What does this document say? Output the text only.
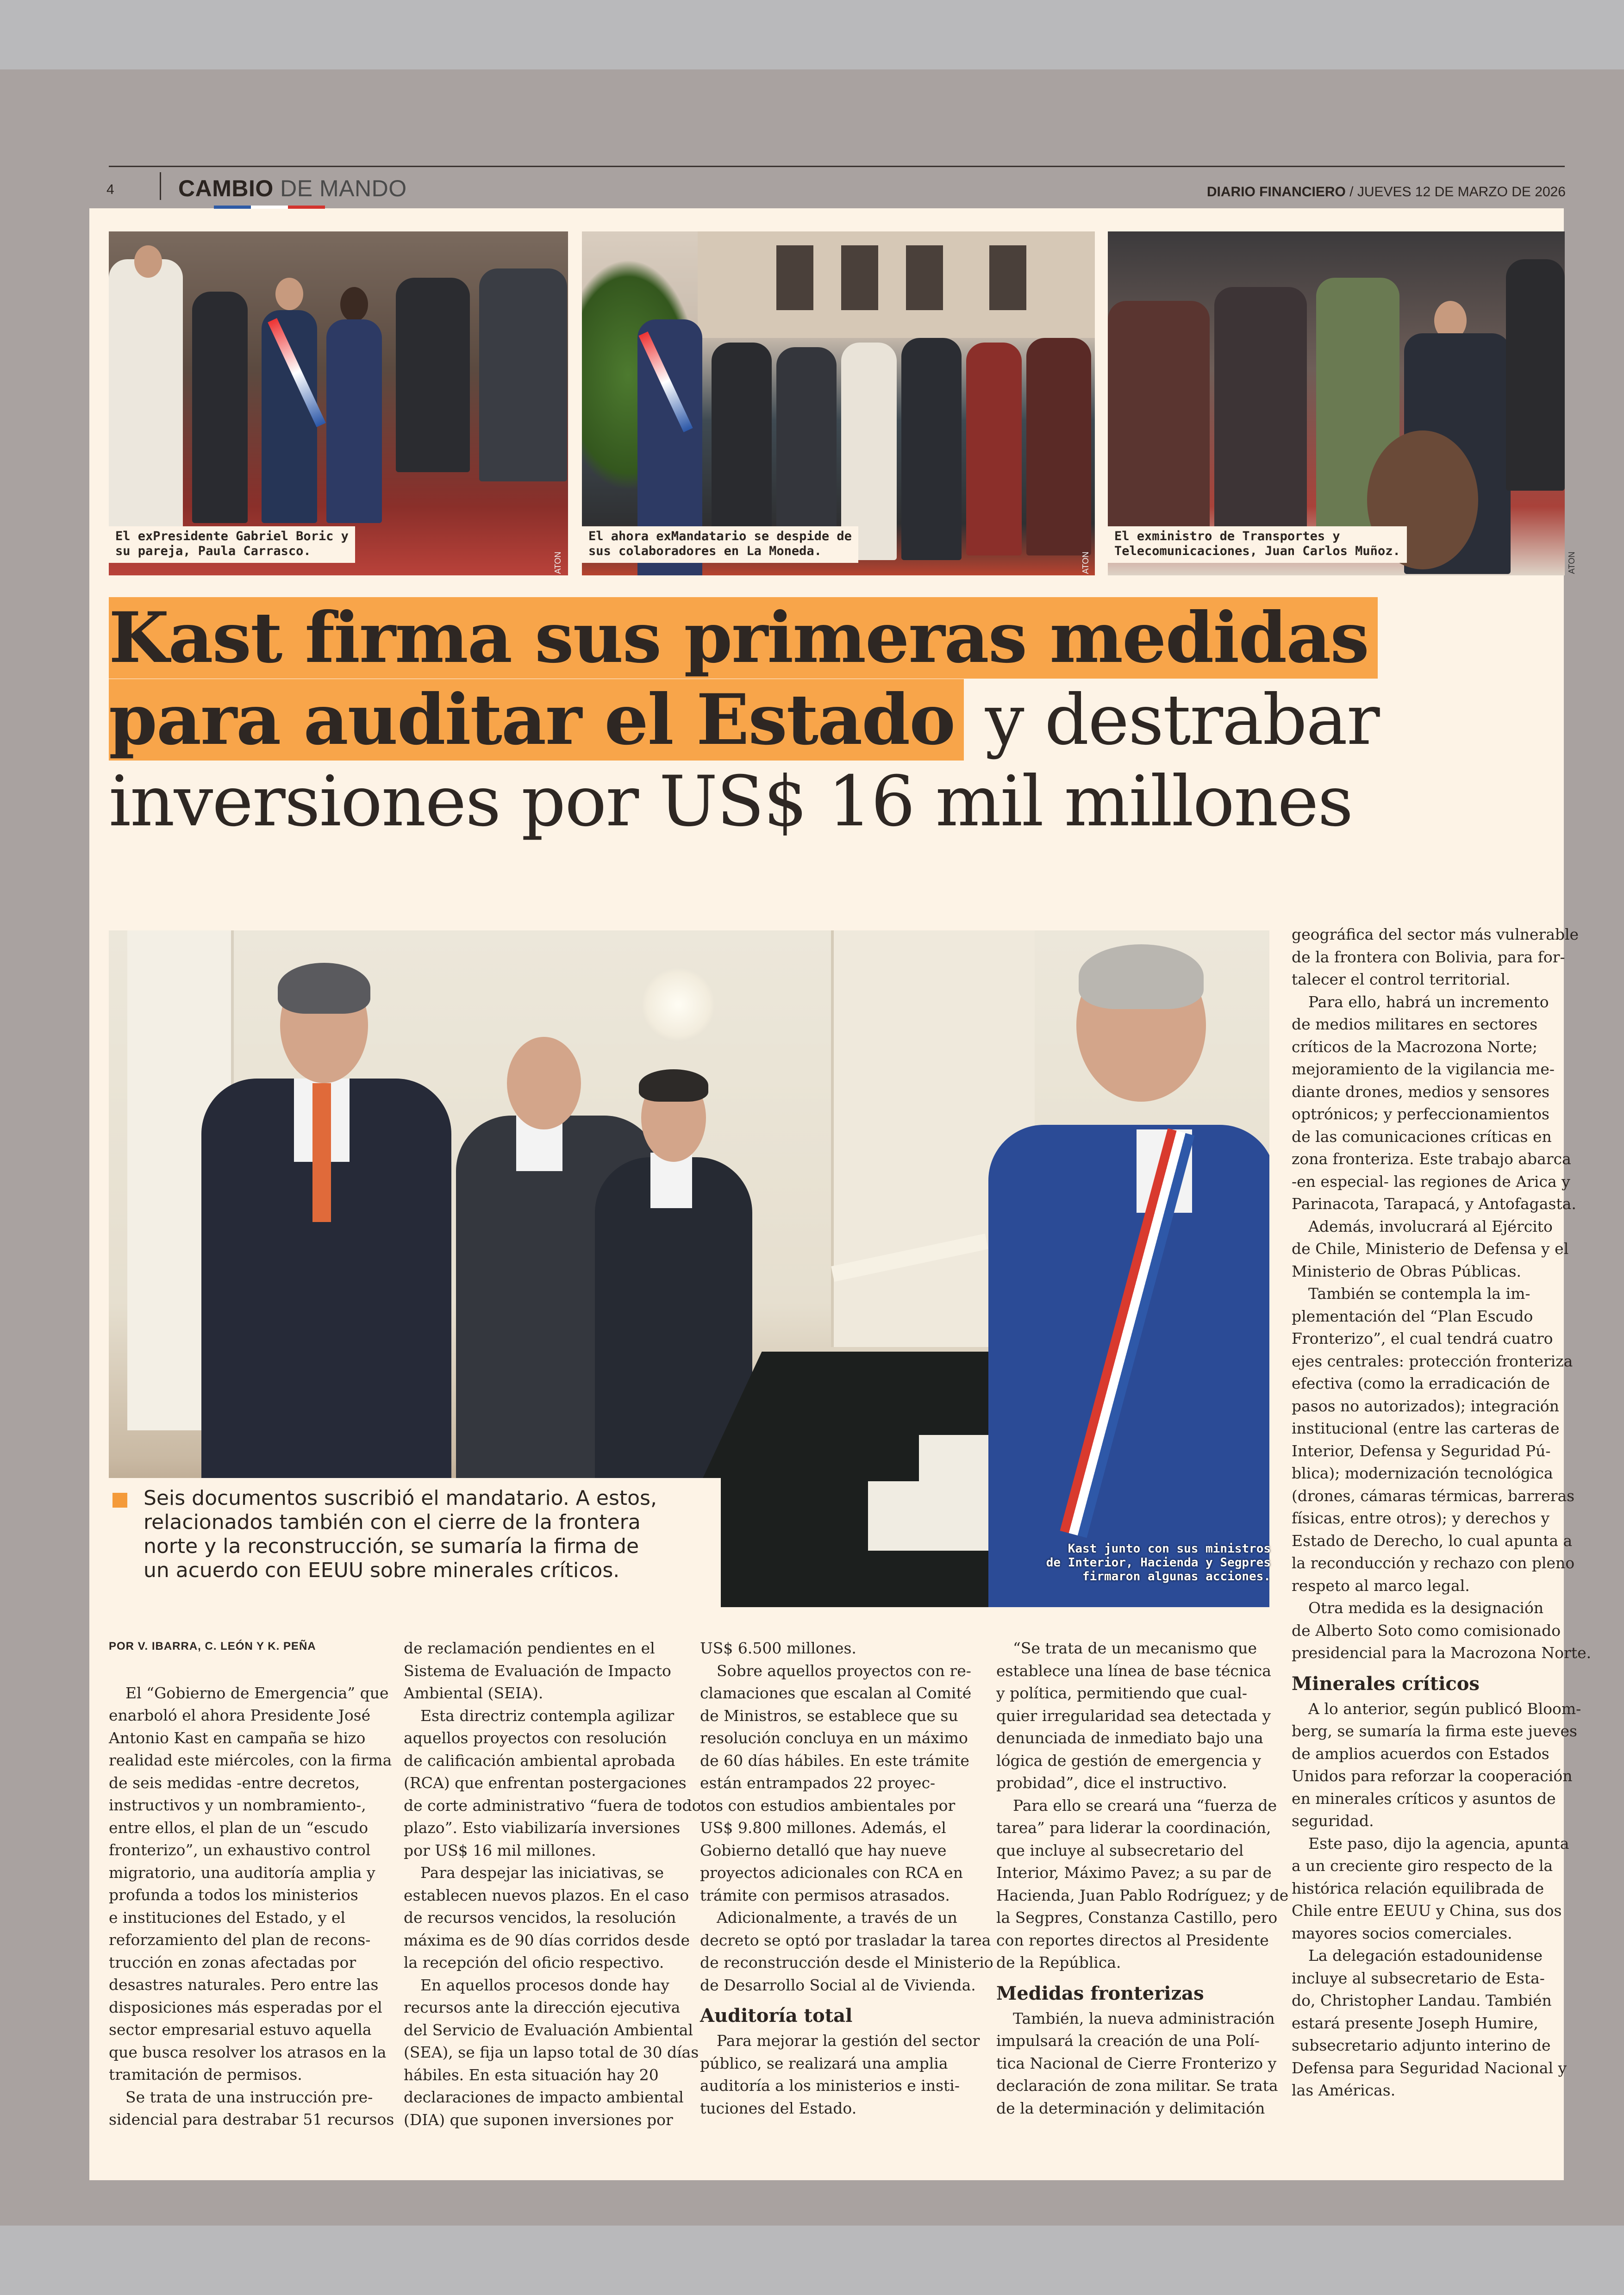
4	CAMBIO DE MANDO	DIARIO FINANCIERO / JUEVES 12 DE MARZO DE 2026
ATON
El exPresidente Gabriel Boric y
su pareja, Paula Carrasco.
ATON
El ahora exMandatario se despide de
sus colaboradores en La Moneda.
ATON
El exministro de Transportes y
Telecomunicaciones, Juan Carlos Muñoz.
Kast firma sus primeras medidas
para auditar el Estado y destrabar
inversiones por US$ 16 mil millones
Seis documentos suscribió el mandatario. A estos,
relacionados también con el cierre de la frontera
norte y la reconstrucción, se sumaría la firma de
un acuerdo con EEUU sobre minerales críticos.
Kast junto con sus ministros
de Interior, Hacienda y Segpres
firmaron algunas acciones.
POR V. IBARRA, C. LEÓN Y K. PEÑA

El “Gobierno de Emergencia” que
enarboló el ahora Presidente José
Antonio Kast en campaña se hizo
realidad este miércoles, con la firma
de seis medidas -entre decretos,
instructivos y un nombramiento-,
entre ellos, el plan de un “escudo
fronterizo”, un exhaustivo control
migratorio, una auditoría amplia y
profunda a todos los ministerios
e instituciones del Estado, y el
reforzamiento del plan de recons-
trucción en zonas afectadas por
desastres naturales. Pero entre las
disposiciones más esperadas por el
sector empresarial estuvo aquella
que busca resolver los atrasos en la
tramitación de permisos.
Se trata de una instrucción pre-
sidencial para destrabar 51 recursos
de reclamación pendientes en el
Sistema de Evaluación de Impacto
Ambiental (SEIA).
Esta directriz contempla agilizar
aquellos proyectos con resolución
de calificación ambiental aprobada
(RCA) que enfrentan postergaciones
de corte administrativo “fuera de todo
plazo”. Esto viabilizaría inversiones
por US$ 16 mil millones.
Para despejar las iniciativas, se
establecen nuevos plazos. En el caso
de recursos vencidos, la resolución
máxima es de 90 días corridos desde
la recepción del oficio respectivo.
En aquellos procesos donde hay
recursos ante la dirección ejecutiva
del Servicio de Evaluación Ambiental
(SEA), se fija un lapso total de 30 días
hábiles. En esta situación hay 20
declaraciones de impacto ambiental
(DIA) que suponen inversiones por
US$ 6.500 millones.
Sobre aquellos proyectos con re-
clamaciones que escalan al Comité
de Ministros, se establece que su
resolución concluya en un máximo
de 60 días hábiles. En este trámite
están entrampados 22 proyec-
tos con estudios ambientales por
US$ 9.800 millones. Además, el
Gobierno detalló que hay nueve
proyectos adicionales con RCA en
trámite con permisos atrasados.
Adicionalmente, a través de un
decreto se optó por trasladar la tarea
de reconstrucción desde el Ministerio
de Desarrollo Social al de Vivienda.
Auditoría total
Para mejorar la gestión del sector
público, se realizará una amplia
auditoría a los ministerios e insti-
tuciones del Estado.
“Se trata de un mecanismo que
establece una línea de base técnica
y política, permitiendo que cual-
quier irregularidad sea detectada y
denunciada de inmediato bajo una
lógica de gestión de emergencia y
probidad”, dice el instructivo.
Para ello se creará una “fuerza de
tarea” para liderar la coordinación,
que incluye al subsecretario del
Interior, Máximo Pavez; a su par de
Hacienda, Juan Pablo Rodríguez; y de
la Segpres, Constanza Castillo, pero
con reportes directos al Presidente
de la República.
Medidas fronterizas
También, la nueva administración
impulsará la creación de una Polí-
tica Nacional de Cierre Fronterizo y
declaración de zona militar. Se trata
de la determinación y delimitación
geográfica del sector más vulnerable
de la frontera con Bolivia, para for-
talecer el control territorial.
Para ello, habrá un incremento
de medios militares en sectores
críticos de la Macrozona Norte;
mejoramiento de la vigilancia me-
diante drones, medios y sensores
optrónicos; y perfeccionamientos
de las comunicaciones críticas en
zona fronteriza. Este trabajo abarca
-en especial- las regiones de Arica y
Parinacota, Tarapacá, y Antofagasta.
Además, involucrará al Ejército
de Chile, Ministerio de Defensa y el
Ministerio de Obras Públicas.
También se contempla la im-
plementación del “Plan Escudo
Fronterizo”, el cual tendrá cuatro
ejes centrales: protección fronteriza
efectiva (como la erradicación de
pasos no autorizados); integración
institucional (entre las carteras de
Interior, Defensa y Seguridad Pú-
blica); modernización tecnológica
(drones, cámaras térmicas, barreras
físicas, entre otros); y derechos y
Estado de Derecho, lo cual apunta a
la reconducción y rechazo con pleno
respeto al marco legal.
Otra medida es la designación
de Alberto Soto como comisionado
presidencial para la Macrozona Norte.
Minerales críticos
A lo anterior, según publicó Bloom-
berg, se sumaría la firma este jueves
de amplios acuerdos con Estados
Unidos para reforzar la cooperación
en minerales críticos y asuntos de
seguridad.
Este paso, dijo la agencia, apunta
a un creciente giro respecto de la
histórica relación equilibrada de
Chile entre EEUU y China, sus dos
mayores socios comerciales.
La delegación estadounidense
incluye al subsecretario de Esta-
do, Christopher Landau. También
estará presente Joseph Humire,
subsecretario adjunto interino de
Defensa para Seguridad Nacional y
las Américas.
